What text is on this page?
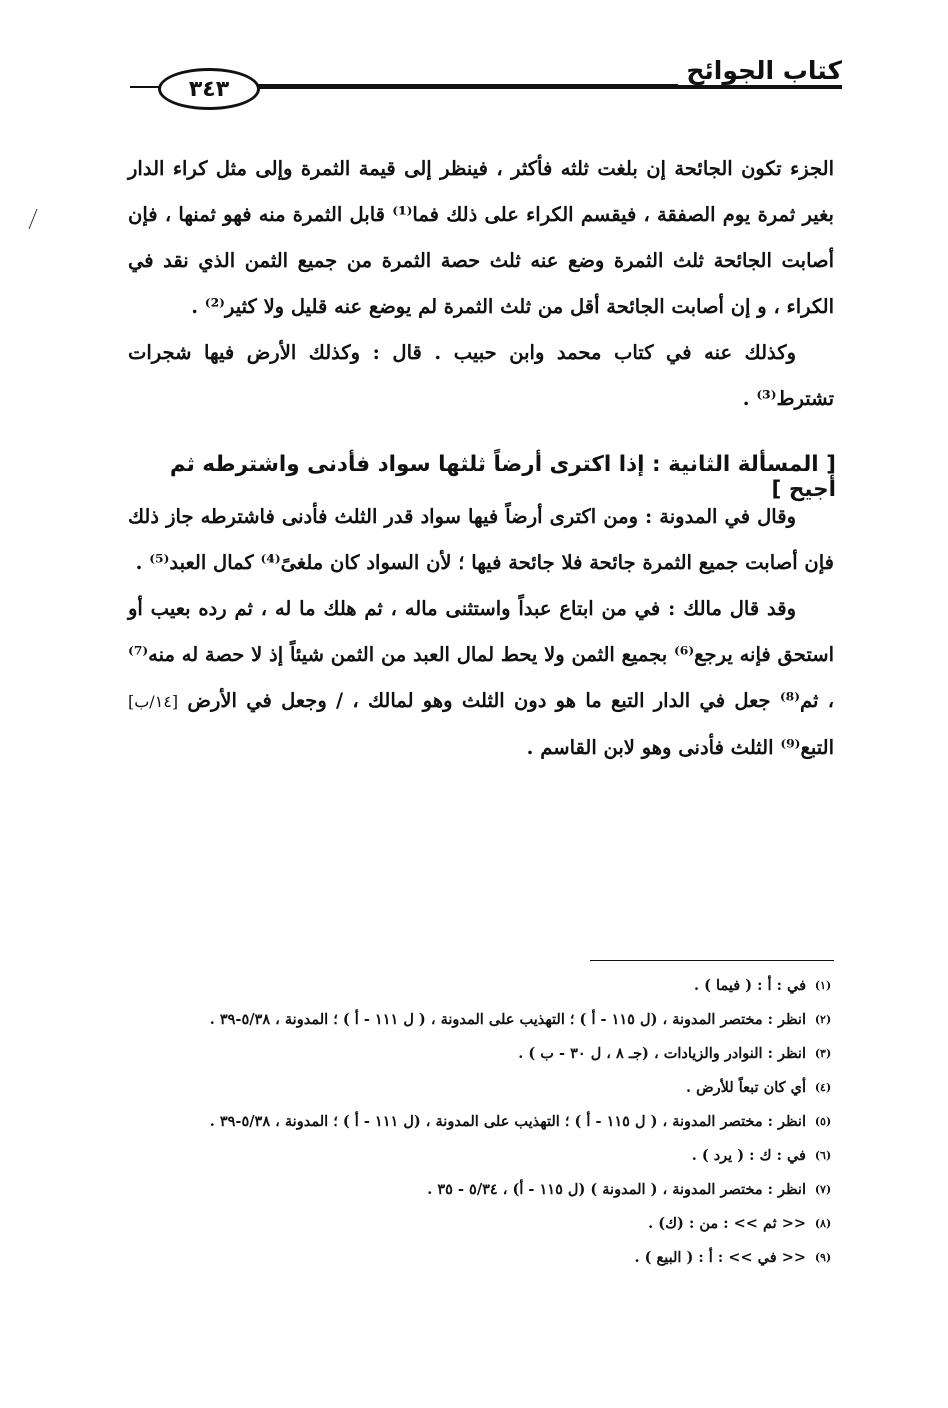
كتاب الجوائح
٣٤٣

الجزء تكون الجائحة إن بلغت ثلثه فأكثر ، فينظر إلى قيمة الثمرة وإلى مثل كراء الدار بغير ثمرة يوم الصفقة ، فيقسم الكراء على ذلك فما⁽¹⁾ قابل الثمرة منه فهو ثمنها ، فإن أصابت الجائحة ثلث الثمرة وضع عنه ثلث حصة الثمرة من جميع الثمن الذي نقد في الكراء ، و إن أصابت الجائحة أقل من ثلث الثمرة لم يوضع عنه قليل ولا كثير⁽²⁾ .

وكذلك عنه في كتاب محمد وابن حبيب . قال : وكذلك الأرض فيها شجرات تشترط⁽³⁾ .

[ المسألة الثانية : إذا اكترى أرضاً ثلثها سواد فأدنى واشترطه ثم أجيح ]

وقال في المدونة : ومن اكترى أرضاً فيها سواد قدر الثلث فأدنى فاشترطه جاز ذلك فإن أصابت جميع الثمرة جائحة فلا جائحة فيها ؛ لأن السواد كان ملغىً⁽⁴⁾ كمال العبد⁽⁵⁾ .

وقد قال مالك : في من ابتاع عبداً واستثنى ماله ، ثم هلك ما له ، ثم رده بعيب أو استحق فإنه يرجع⁽⁶⁾ بجميع الثمن ولا يحط لمال العبد من الثمن شيئاً إذ لا حصة له منه⁽⁷⁾ ، ثم⁽⁸⁾ جعل في الدار التبع ما هو دون الثلث وهو لمالك ، / وجعل في الأرض [١٤/ب] التبع⁽⁹⁾ الثلث فأدنى وهو لابن القاسم .

(١)
في : أ : ( فيما ) .
(٢)
انظر : مختصر المدونة ، (ل ١١٥ - أ ) ؛ التهذيب على المدونة ، ( ل ١١١ - أ ) ؛ المدونة ، ٥/٣٨-٣٩ .
(٣)
انظر : النوادر والزيادات ، (جـ ٨ ، ل ٣٠ - ب ) .
(٤)
أي كان تبعاً للأرض .
(٥)
انظر : مختصر المدونة ، ( ل ١١٥ - أ ) ؛ التهذيب على المدونة ، (ل ١١١ - أ ) ؛ المدونة ، ٥/٣٨-٣٩ .
(٦)
في : ك : ( يرد ) .
(٧)
انظر : مختصر المدونة ، ( المدونة ) (ل ١١٥ - أ) ، ٥/٣٤ - ٣٥ .
(٨)
<< ثم >> : من : (ك) .
(٩)
<< في >> : أ : ( البيع ) .
